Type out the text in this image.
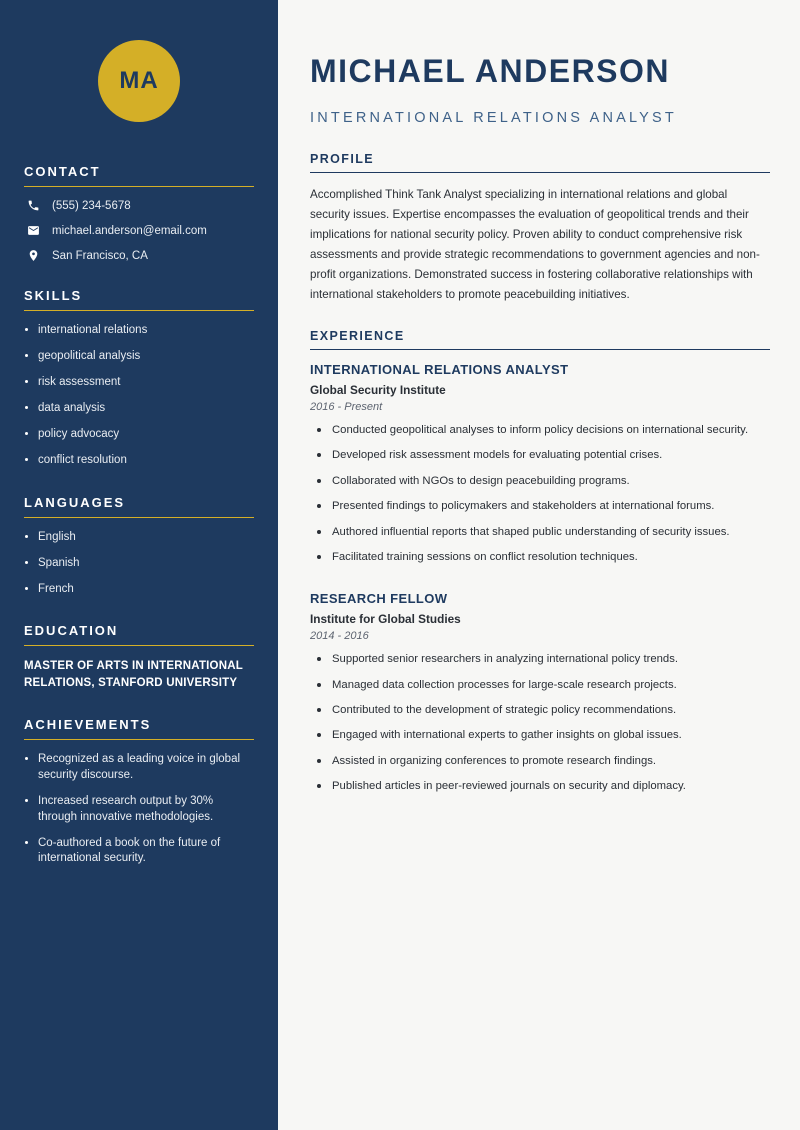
MA
CONTACT
(555) 234-5678
michael.anderson@email.com
San Francisco, CA
SKILLS
international relations
geopolitical analysis
risk assessment
data analysis
policy advocacy
conflict resolution
LANGUAGES
English
Spanish
French
EDUCATION
MASTER OF ARTS IN INTERNATIONAL RELATIONS, STANFORD UNIVERSITY
ACHIEVEMENTS
Recognized as a leading voice in global security discourse.
Increased research output by 30% through innovative methodologies.
Co-authored a book on the future of international security.
MICHAEL ANDERSON
INTERNATIONAL RELATIONS ANALYST
PROFILE

Accomplished Think Tank Analyst specializing in international relations and global security issues. Expertise encompasses the evaluation of geopolitical trends and their implications for national security policy. Proven ability to conduct comprehensive risk assessments and provide strategic recommendations to government agencies and non-profit organizations. Demonstrated success in fostering collaborative relationships with international stakeholders to promote peacebuilding initiatives.

EXPERIENCE
INTERNATIONAL RELATIONS ANALYST
Global Security Institute
2016 - Present
Conducted geopolitical analyses to inform policy decisions on international security.
Developed risk assessment models for evaluating potential crises.
Collaborated with NGOs to design peacebuilding programs.
Presented findings to policymakers and stakeholders at international forums.
Authored influential reports that shaped public understanding of security issues.
Facilitated training sessions on conflict resolution techniques.
RESEARCH FELLOW
Institute for Global Studies
2014 - 2016
Supported senior researchers in analyzing international policy trends.
Managed data collection processes for large-scale research projects.
Contributed to the development of strategic policy recommendations.
Engaged with international experts to gather insights on global issues.
Assisted in organizing conferences to promote research findings.
Published articles in peer-reviewed journals on security and diplomacy.
